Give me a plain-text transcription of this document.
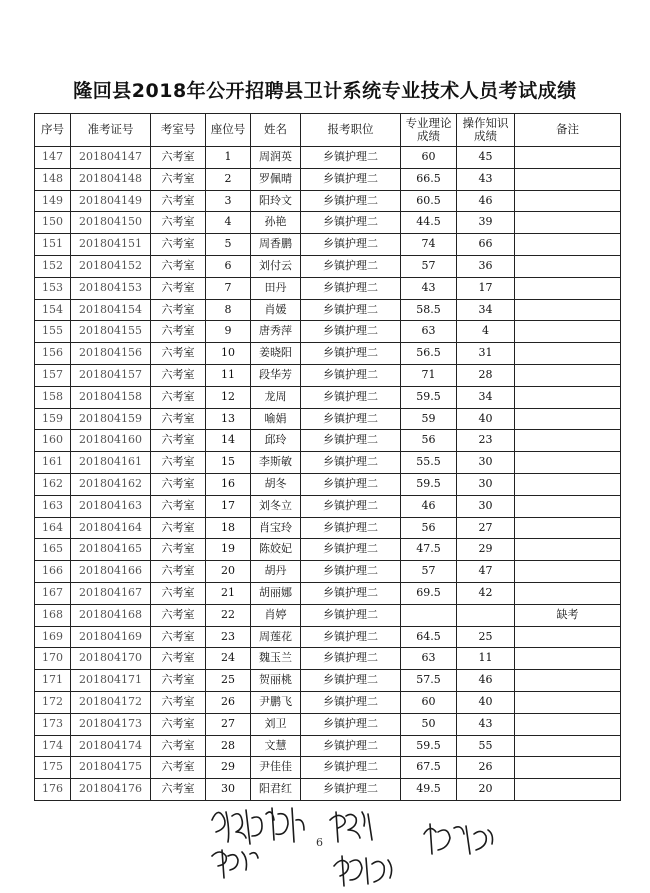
隆回县2018年公开招聘县卫计系统专业技术人员考试成绩
序号	准考证号	考室号	座位号	姓名	报考职位	专业理论成绩	操作知识成绩	备注
147	201804147	六考室	1	周润英	乡镇护理二	60	45	
148	201804148	六考室	2	罗佩晴	乡镇护理二	66.5	43	
149	201804149	六考室	3	阳玲文	乡镇护理二	60.5	46	
150	201804150	六考室	4	孙艳	乡镇护理二	44.5	39	
151	201804151	六考室	5	周香鹏	乡镇护理二	74	66	
152	201804152	六考室	6	刘付云	乡镇护理二	57	36	
153	201804153	六考室	7	田丹	乡镇护理二	43	17	
154	201804154	六考室	8	肖媛	乡镇护理二	58.5	34	
155	201804155	六考室	9	唐秀萍	乡镇护理二	63	4	
156	201804156	六考室	10	姜晓阳	乡镇护理二	56.5	31	
157	201804157	六考室	11	段华芳	乡镇护理二	71	28	
158	201804158	六考室	12	龙周	乡镇护理二	59.5	34	
159	201804159	六考室	13	喻娟	乡镇护理二	59	40	
160	201804160	六考室	14	邱玲	乡镇护理二	56	23	
161	201804161	六考室	15	李斯敏	乡镇护理二	55.5	30	
162	201804162	六考室	16	胡冬	乡镇护理二	59.5	30	
163	201804163	六考室	17	刘冬立	乡镇护理二	46	30	
164	201804164	六考室	18	肖宝玲	乡镇护理二	56	27	
165	201804165	六考室	19	陈姣妃	乡镇护理二	47.5	29	
166	201804166	六考室	20	胡丹	乡镇护理二	57	47	
167	201804167	六考室	21	胡丽娜	乡镇护理二	69.5	42	
168	201804168	六考室	22	肖婷	乡镇护理二			缺考
169	201804169	六考室	23	周莲花	乡镇护理二	64.5	25	
170	201804170	六考室	24	魏玉兰	乡镇护理二	63	11	
171	201804171	六考室	25	贺丽桃	乡镇护理二	57.5	46	
172	201804172	六考室	26	尹鹏飞	乡镇护理二	60	40	
173	201804173	六考室	27	刘卫	乡镇护理二	50	43	
174	201804174	六考室	28	文慧	乡镇护理二	59.5	55	
175	201804175	六考室	29	尹佳佳	乡镇护理二	67.5	26	
176	201804176	六考室	30	阳君红	乡镇护理二	49.5	20	
6
